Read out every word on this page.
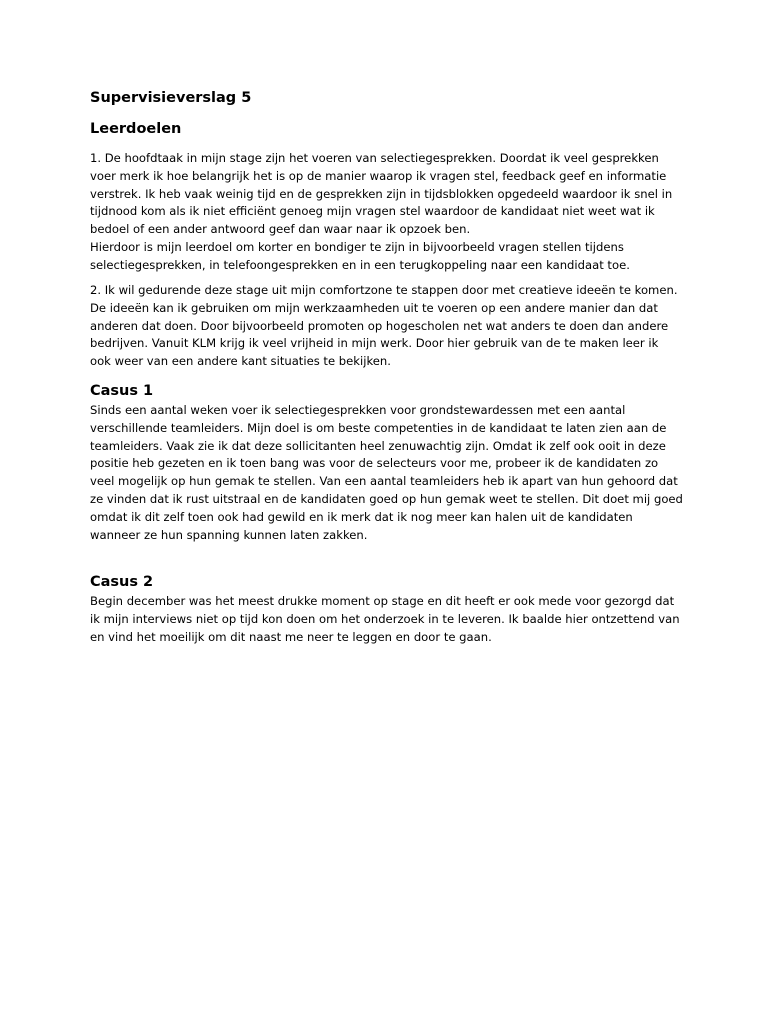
Supervisieverslag 5
Leerdoelen

1. De hoofdtaak in mijn stage zijn het voeren van selectiegesprekken. Doordat ik veel gesprekken
voer merk ik hoe belangrijk het is op de manier waarop ik vragen stel, feedback geef en informatie
verstrek. Ik heb vaak weinig tijd en de gesprekken zijn in tijdsblokken opgedeeld waardoor ik snel in
tijdnood kom als ik niet efficiënt genoeg mijn vragen stel waardoor de kandidaat niet weet wat ik
bedoel of een ander antwoord geef dan waar naar ik opzoek ben.
Hierdoor is mijn leerdoel om korter en bondiger te zijn in bijvoorbeeld vragen stellen tijdens
selectiegesprekken, in telefoongesprekken en in een terugkoppeling naar een kandidaat toe.

2. Ik wil gedurende deze stage uit mijn comfortzone te stappen door met creatieve ideeën te komen.
De ideeën kan ik gebruiken om mijn werkzaamheden uit te voeren op een andere manier dan dat
anderen dat doen. Door bijvoorbeeld promoten op hogescholen net wat anders te doen dan andere
bedrijven. Vanuit KLM krijg ik veel vrijheid in mijn werk. Door hier gebruik van de te maken leer ik
ook weer van een andere kant situaties te bekijken.

Casus 1

Sinds een aantal weken voer ik selectiegesprekken voor grondstewardessen met een aantal
verschillende teamleiders. Mijn doel is om beste competenties in de kandidaat te laten zien aan de
teamleiders. Vaak zie ik dat deze sollicitanten heel zenuwachtig zijn. Omdat ik zelf ook ooit in deze
positie heb gezeten en ik toen bang was voor de selecteurs voor me, probeer ik de kandidaten zo
veel mogelijk op hun gemak te stellen. Van een aantal teamleiders heb ik apart van hun gehoord dat
ze vinden dat ik rust uitstraal en de kandidaten goed op hun gemak weet te stellen. Dit doet mij goed
omdat ik dit zelf toen ook had gewild en ik merk dat ik nog meer kan halen uit de kandidaten
wanneer ze hun spanning kunnen laten zakken.

Casus 2

Begin december was het meest drukke moment op stage en dit heeft er ook mede voor gezorgd dat
ik mijn interviews niet op tijd kon doen om het onderzoek in te leveren. Ik baalde hier ontzettend van
en vind het moeilijk om dit naast me neer te leggen en door te gaan.
